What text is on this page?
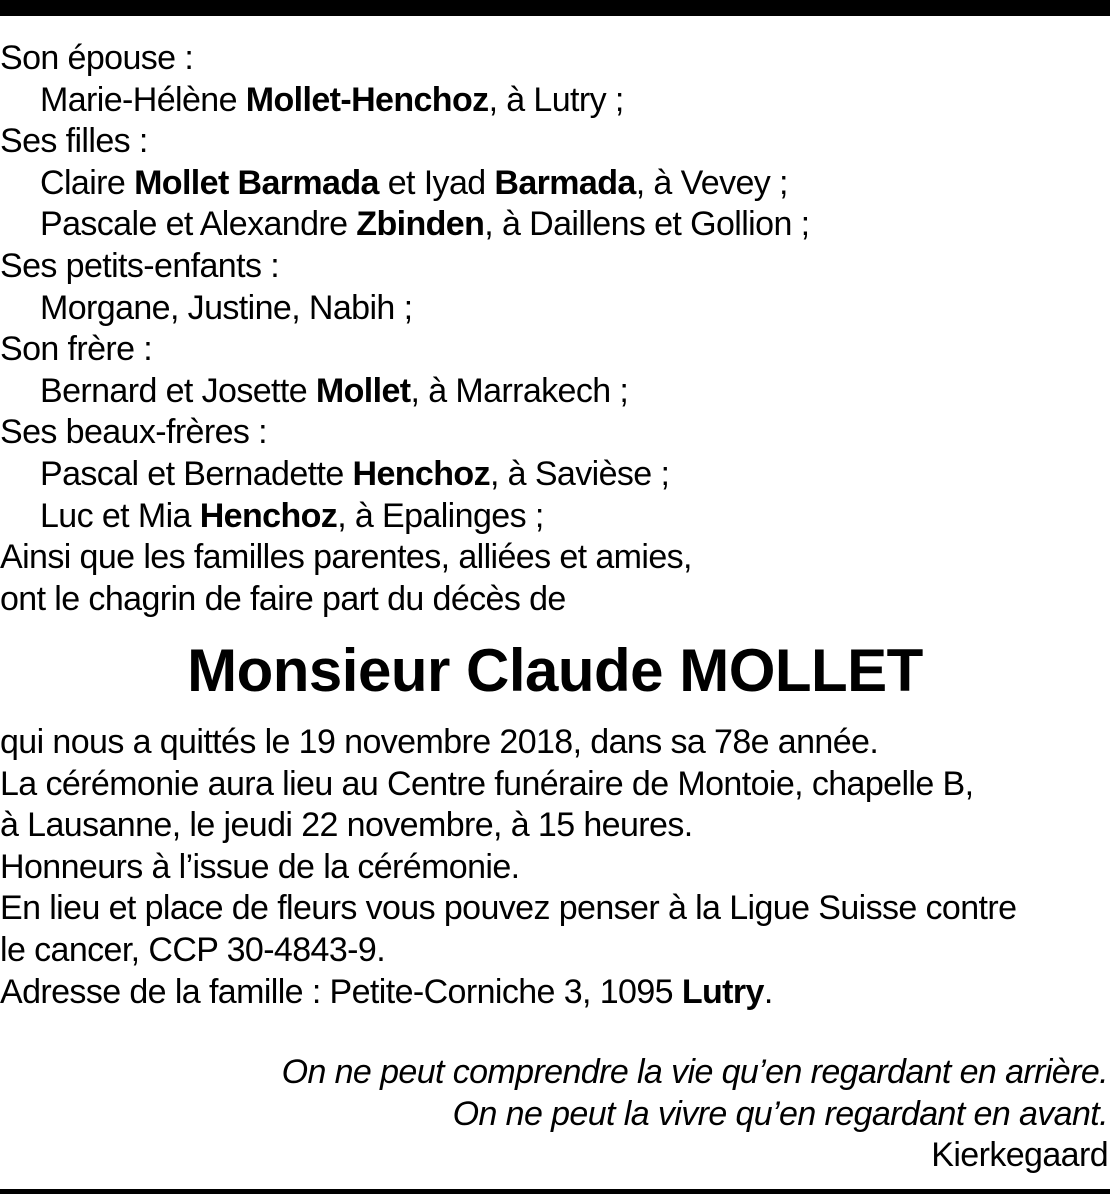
Son épouse :
Marie-Hélène Mollet-Henchoz, à Lutry ;
Ses filles :
Claire Mollet Barmada et Iyad Barmada, à Vevey ;
Pascale et Alexandre Zbinden, à Daillens et Gollion ;
Ses petits-enfants :
Morgane, Justine, Nabih ;
Son frère :
Bernard et Josette Mollet, à Marrakech ;
Ses beaux-frères :
Pascal et Bernadette Henchoz, à Savièse ;
Luc et Mia Henchoz, à Epalinges ;
Ainsi que les familles parentes, alliées et amies,
ont le chagrin de faire part du décès de
Monsieur Claude MOLLET
qui nous a quittés le 19 novembre 2018, dans sa 78e année.
La cérémonie aura lieu au Centre funéraire de Montoie, chapelle B,
à Lausanne, le jeudi 22 novembre, à 15 heures.
Honneurs à l’issue de la cérémonie.
En lieu et place de fleurs vous pouvez penser à la Ligue Suisse contre
le cancer, CCP 30-4843-9.
Adresse de la famille : Petite-Corniche 3, 1095 Lutry.
On ne peut comprendre la vie qu’en regardant en arrière.
On ne peut la vivre qu’en regardant en avant.
Kierkegaard
